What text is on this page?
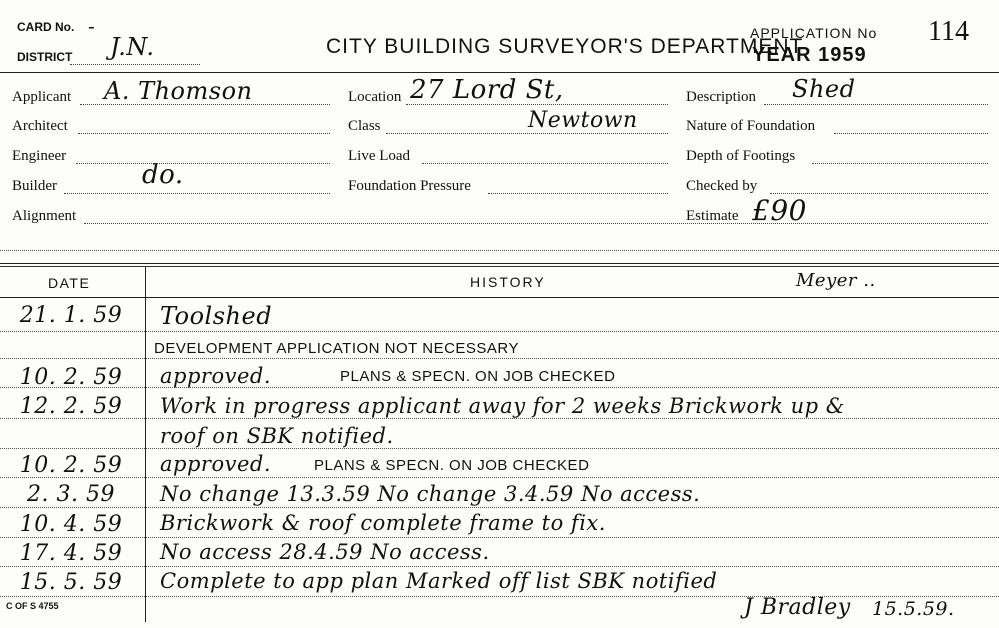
CARD No. -
DISTRICT J.N.	CITY BUILDING SURVEYOR'S DEPARTMENT
APPLICATION No
YEAR 1959
114
Applicant A. Thomson
Architect
Engineer
Builder	do.
Alignment
Location 27 Lord St,
Class	Newtown
Live Load
Foundation Pressure
Description Shed
Nature of Foundation
Depth of Footings
Checked by
Estimate £90
DATE	HISTORY	Meyer ..
21. 1. 59	Toolshed
DEVELOPMENT APPLICATION NOT NECESSARY
10. 2. 59	approved.	PLANS & SPECN. ON JOB CHECKED
12. 2. 59	Work in progress applicant away for 2 weeks Brickwork up &
roof on SBK notified.
10. 2. 59	approved.	PLANS & SPECN. ON JOB CHECKED
2. 3. 59	No change 13.3.59 No change 3.4.59 No access.
10. 4. 59	Brickwork & roof complete frame to fix.
17. 4. 59	No access 28.4.59 No access.
15. 5. 59	Complete to app plan Marked off list SBK notified
J Bradley 15.5.59.
C OF S 4755
